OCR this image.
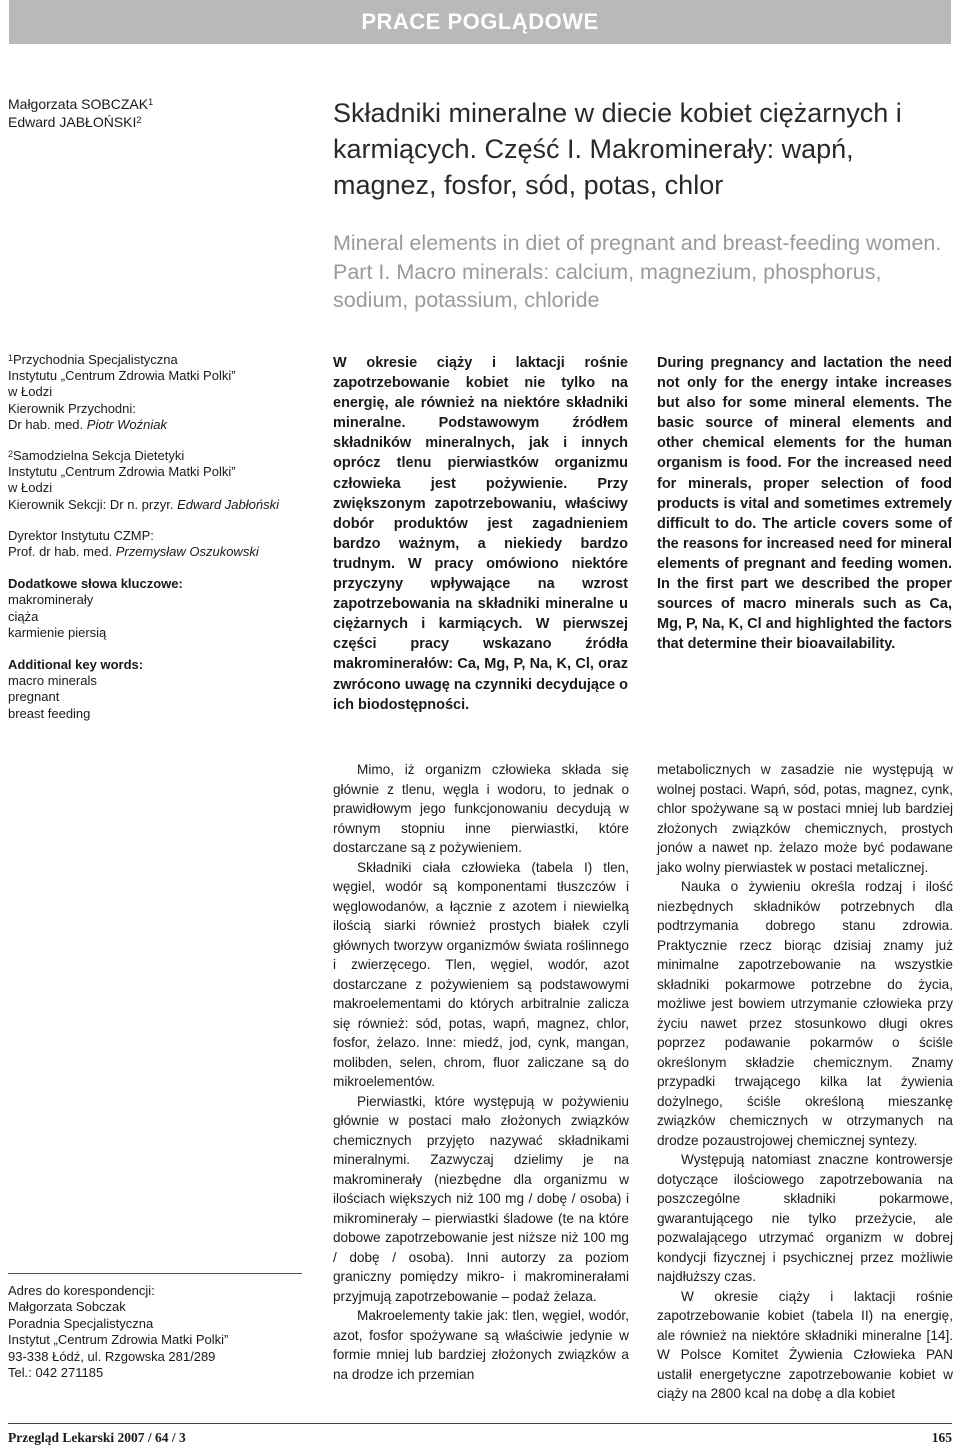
PRACE POGLĄDOWE
Małgorzata SOBCZAK$^1$
Edward JABŁOŃSKI$^2$	Składniki mineralne w diecie kobiet ciężarnych i karmiących. Część I. Makrominerały: wapń, magnez, fosfor, sód, potas, chlor
Mineral elements in diet of pregnant and breast-feeding women. Part I. Macro minerals: calcium, magnezium, phosphorus, sodium, potassium, chloride
$^1$Przychodnia Specjalistyczna
Instytutu „Centrum Zdrowia Matki Polki”
w Łodzi
Kierownik Przychodni:
Dr hab. med. Piotr Woźniak
$^2$Samodzielna Sekcja Dietetyki
Instytutu „Centrum Zdrowia Matki Polki”
w Łodzi
Kierownik Sekcji: Dr n. przyr. Edward Jabłoński
Dyrektor Instytutu CZMP:
Prof. dr hab. med. Przemysław Oszukowski
Dodatkowe słowa kluczowe:
makrominerały
ciąża
karmienie piersią
Additional key words:
macro minerals
pregnant
breast feeding
Adres do korespondencji:
Małgorzata Sobczak
Poradnia Specjalistyczna
Instytut „Centrum Zdrowia Matki Polki”
93-338 Łódź, ul. Rzgowska 281/289
Tel.: 042 271185
W okresie ciąży i laktacji rośnie zapotrzebowanie kobiet nie tylko na energię, ale również na niektóre składniki mineralne. Podstawowym źródłem składników mineralnych, jak i innych oprócz tlenu pierwiastków organizmu człowieka jest pożywienie. Przy zwiększonym zapotrzebowaniu, właściwy dobór produktów jest zagadnieniem bardzo ważnym, a niekiedy bardzo trudnym. W pracy omówiono niektóre przyczyny wpływające na wzrost zapotrzebowania na składniki mineralne u ciężarnych i karmiących. W pierwszej części pracy wskazano źródła makrominerałów: Ca, Mg, P, Na, K, Cl, oraz zwrócono uwagę na czynniki decydujące o ich biodostępności.
During pregnancy and lactation the need not only for the energy intake increases but also for some mineral elements. The basic source of mineral elements and other chemical elements for the human organism is food. For the increased need for minerals, proper selection of food products is vital and sometimes extremely difficult to do. The article covers some of the reasons for increased need for mineral elements of pregnant and feeding women. In the first part we described the proper sources of macro minerals such as Ca, Mg, P, Na, K, Cl and highlighted the factors that determine their bioavailability.

Mimo, iż organizm człowieka składa się głównie z tlenu, węgla i wodoru, to jednak o prawidłowym jego funkcjonowaniu decydują w równym stopniu inne pierwiastki, które dostarczane są z pożywieniem.

Składniki ciała człowieka (tabela I) tlen, węgiel, wodór są komponentami tłuszczów i węglowodanów, a łącznie z azotem i niewielką ilością siarki również prostych białek czyli głównych tworzyw organizmów świata roślinnego i zwierzęcego. Tlen, węgiel, wodór, azot dostarczane z pożywieniem są podstawowymi makroelementami do których arbitralnie zalicza się również: sód, potas, wapń, magnez, chlor, fosfor, żelazo. Inne: miedź, jod, cynk, mangan, molibden, selen, chrom, fluor zaliczane są do mikroelementów.

Pierwiastki, które występują w pożywieniu głównie w postaci mało złożonych związków chemicznych przyjęto nazywać składnikami mineralnymi. Zazwyczaj dzielimy je na makrominerały (niezbędne dla organizmu w ilościach większych niż 100 mg / dobę / osoba) i mikrominerały – pierwiastki śladowe (te na które dobowe zapotrzebowanie jest niższe niż 100 mg / dobę / osoba). Inni autorzy za poziom graniczny pomiędzy mikro- i makrominerałami przyjmują zapotrzebowanie – podaż żelaza.

Makroelementy takie jak: tlen, węgiel, wodór, azot, fosfor spożywane są właściwie jedynie w formie mniej lub bardziej złożonych związków a na drodze ich przemian

metabolicznych w zasadzie nie występują w wolnej postaci. Wapń, sód, potas, magnez, cynk, chlor spożywane są w postaci mniej lub bardziej złożonych związków chemicznych, prostych jonów a nawet np. żelazo może być podawane jako wolny pierwiastek w postaci metalicznej.

Nauka o żywieniu określa rodzaj i ilość niezbędnych składników potrzebnych dla podtrzymania dobrego stanu zdrowia. Praktycznie rzecz biorąc dzisiaj znamy już minimalne zapotrzebowanie na wszystkie składniki pokarmowe potrzebne do życia, możliwe jest bowiem utrzymanie człowieka przy życiu nawet przez stosunkowo długi okres poprzez podawanie pokarmów o ściśle określonym składzie chemicznym. Znamy przypadki trwającego kilka lat żywienia dożylnego, ściśle określoną mieszankę związków chemicznych w otrzymanych na drodze pozaustrojowej chemicznej syntezy.

Występują natomiast znaczne kontrowersje dotyczące ilościowego zapotrzebowania na poszczególne składniki pokarmowe, gwarantującego nie tylko przeżycie, ale pozwalającego utrzymać organizm w dobrej kondycji fizycznej i psychicznej przez możliwie najdłuższy czas.

W okresie ciąży i laktacji rośnie zapotrzebowanie kobiet (tabela II) na energię, ale również na niektóre składniki mineralne [14]. W Polsce Komitet Żywienia Człowieka PAN ustalił energetyczne zapotrzebowanie kobiet w ciąży na 2800 kcal na dobę a dla kobiet

Przegląd Lekarski 2007 / 64 / 3	165
